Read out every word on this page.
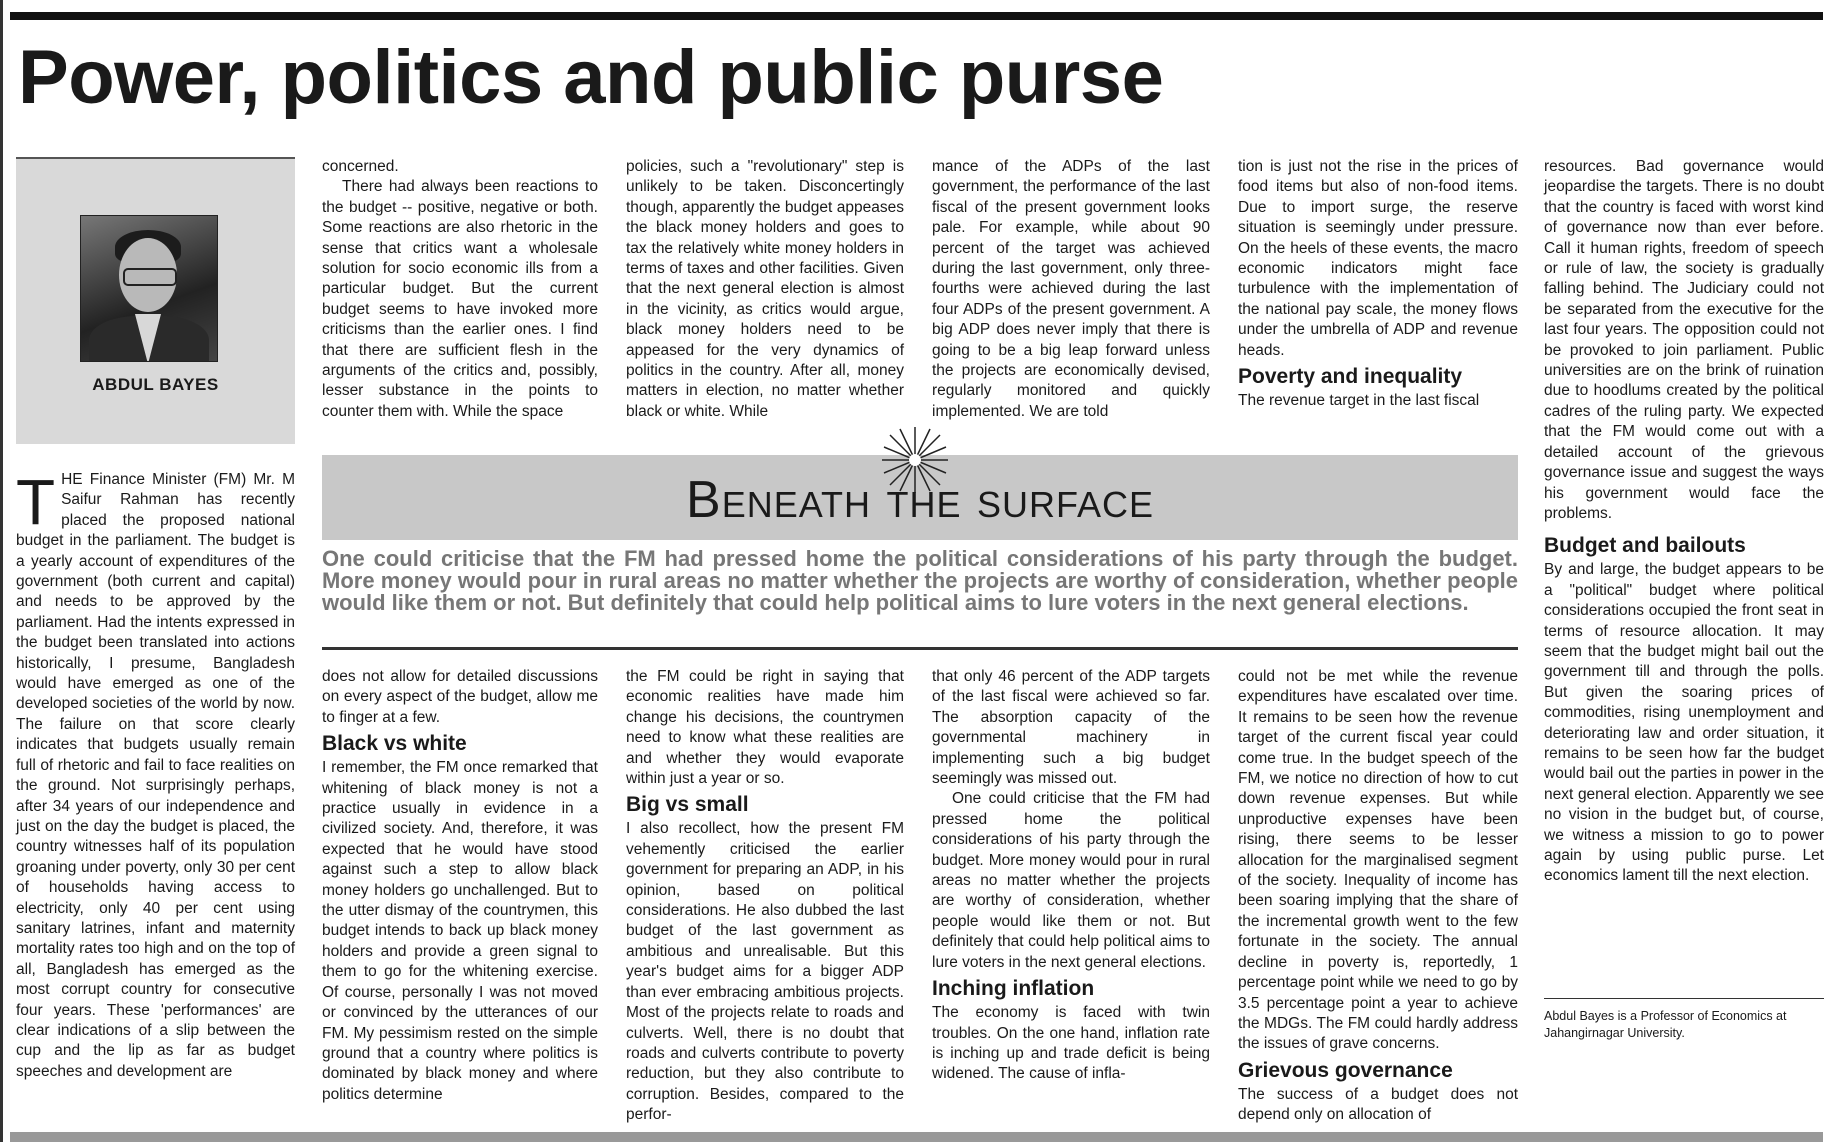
Power, politics and public purse
ABDUL BAYES

THE Finance Minister (FM) Mr. M Saifur Rahman has recently placed the proposed national budget in the parliament. The budget is a yearly account of expenditures of the government (both current and capital) and needs to be approved by the parliament. Had the intents expressed in the budget been translated into actions historically, I presume, Bangladesh would have emerged as one of the developed societies of the world by now. The failure on that score clearly indicates that budgets usually remain full of rhetoric and fail to face realities on the ground. Not surprisingly perhaps, after 34 years of our independence and just on the day the budget is placed, the country witnesses half of its population groaning under poverty, only 30 per cent of households having access to electricity, only 40 per cent using sanitary latrines, infant and maternity mortality rates too high and on the top of all, Bangladesh has emerged as the most corrupt country for consecutive four years. These 'performances' are clear indications of a slip between the cup and the lip as far as budget speeches and development are

concerned.

There had always been reactions to the budget -- positive, negative or both. Some reactions are also rhetoric in the sense that critics want a wholesale solution for socio economic ills from a particular budget. But the current budget seems to have invoked more criticisms than the earlier ones. I find that there are sufficient flesh in the arguments of the critics and, possibly, lesser substance in the points to counter them with. While the space

policies, such a "revolutionary" step is unlikely to be taken. Disconcertingly though, apparently the budget appeases the black money holders and goes to tax the relatively white money holders in terms of taxes and other facilities. Given that the next general election is almost in the vicinity, as critics would argue, black money holders need to be appeased for the very dynamics of politics in the country. After all, money matters in election, no matter whether black or white. While

mance of the ADPs of the last government, the performance of the last fiscal of the present government looks pale. For example, while about 90 percent of the target was achieved during the last government, only three-fourths were achieved during the last four ADPs of the present government. A big ADP does never imply that there is going to be a big leap forward unless the projects are economically devised, regularly monitored and quickly implemented. We are told

tion is just not the rise in the prices of food items but also of non-food items. Due to import surge, the reserve situation is seemingly under pressure. On the heels of these events, the macro economic indicators might face turbulence with the implementation of the national pay scale, the money flows under the umbrella of ADP and revenue heads.

Poverty and inequality

The revenue target in the last fiscal

Beneath the surface
One could criticise that the FM had pressed home the political considerations of his party through the budget. More money would pour in rural areas no matter whether the projects are worthy of consideration, whether people would like them or not. But definitely that could help political aims to lure voters in the next general elections.

does not allow for detailed discussions on every aspect of the budget, allow me to finger at a few.

Black vs white

I remember, the FM once remarked that whitening of black money is not a practice usually in evidence in a civilized society. And, therefore, it was expected that he would have stood against such a step to allow black money holders go unchallenged. But to the utter dismay of the countrymen, this budget intends to back up black money holders and provide a green signal to them to go for the whitening exercise. Of course, personally I was not moved or convinced by the utterances of our FM. My pessimism rested on the simple ground that a country where politics is dominated by black money and where politics determine

the FM could be right in saying that economic realities have made him change his decisions, the countrymen need to know what these realities are and whether they would evaporate within just a year or so.

Big vs small

I also recollect, how the present FM vehemently criticised the earlier government for preparing an ADP, in his opinion, based on political considerations. He also dubbed the last budget of the last government as ambitious and unrealisable. But this year's budget aims for a bigger ADP than ever embracing ambitious projects. Most of the projects relate to roads and culverts. Well, there is no doubt that roads and culverts contribute to poverty reduction, but they also contribute to corruption. Besides, compared to the perfor-

that only 46 percent of the ADP targets of the last fiscal were achieved so far. The absorption capacity of the governmental machinery in implementing such a big budget seemingly was missed out.

One could criticise that the FM had pressed home the political considerations of his party through the budget. More money would pour in rural areas no matter whether the projects are worthy of consideration, whether people would like them or not. But definitely that could help political aims to lure voters in the next general elections.

Inching inflation

The economy is faced with twin troubles. On the one hand, inflation rate is inching up and trade deficit is being widened. The cause of infla-

could not be met while the revenue expenditures have escalated over time. It remains to be seen how the revenue target of the current fiscal year could come true. In the budget speech of the FM, we notice no direction of how to cut down revenue expenses. But while unproductive expenses have been rising, there seems to be lesser allocation for the marginalised segment of the society. Inequality of income has been soaring implying that the share of the incremental growth went to the few fortunate in the society. The annual decline in poverty is, reportedly, 1 percentage point while we need to go by 3.5 percentage point a year to achieve the MDGs. The FM could hardly address the issues of grave concerns.

Grievous governance

The success of a budget does not depend only on allocation of

resources. Bad governance would jeopardise the targets. There is no doubt that the country is faced with worst kind of governance now than ever before. Call it human rights, freedom of speech or rule of law, the society is gradually falling behind. The Judiciary could not be separated from the executive for the last four years. The opposition could not be provoked to join parliament. Public universities are on the brink of ruination due to hoodlums created by the political cadres of the ruling party. We expected that the FM would come out with a detailed account of the grievous governance issue and suggest the ways his government would face the problems.

Budget and bailouts

By and large, the budget appears to be a "political" budget where political considerations occupied the front seat in terms of resource allocation. It may seem that the budget might bail out the government till and through the polls. But given the soaring prices of commodities, rising unemployment and deteriorating law and order situation, it remains to be seen how far the budget would bail out the parties in power in the next general election. Apparently we see no vision in the budget but, of course, we witness a mission to go to power again by using public purse. Let economics lament till the next election.

Abdul Bayes is a Professor of Economics at Jahangirnagar University.
